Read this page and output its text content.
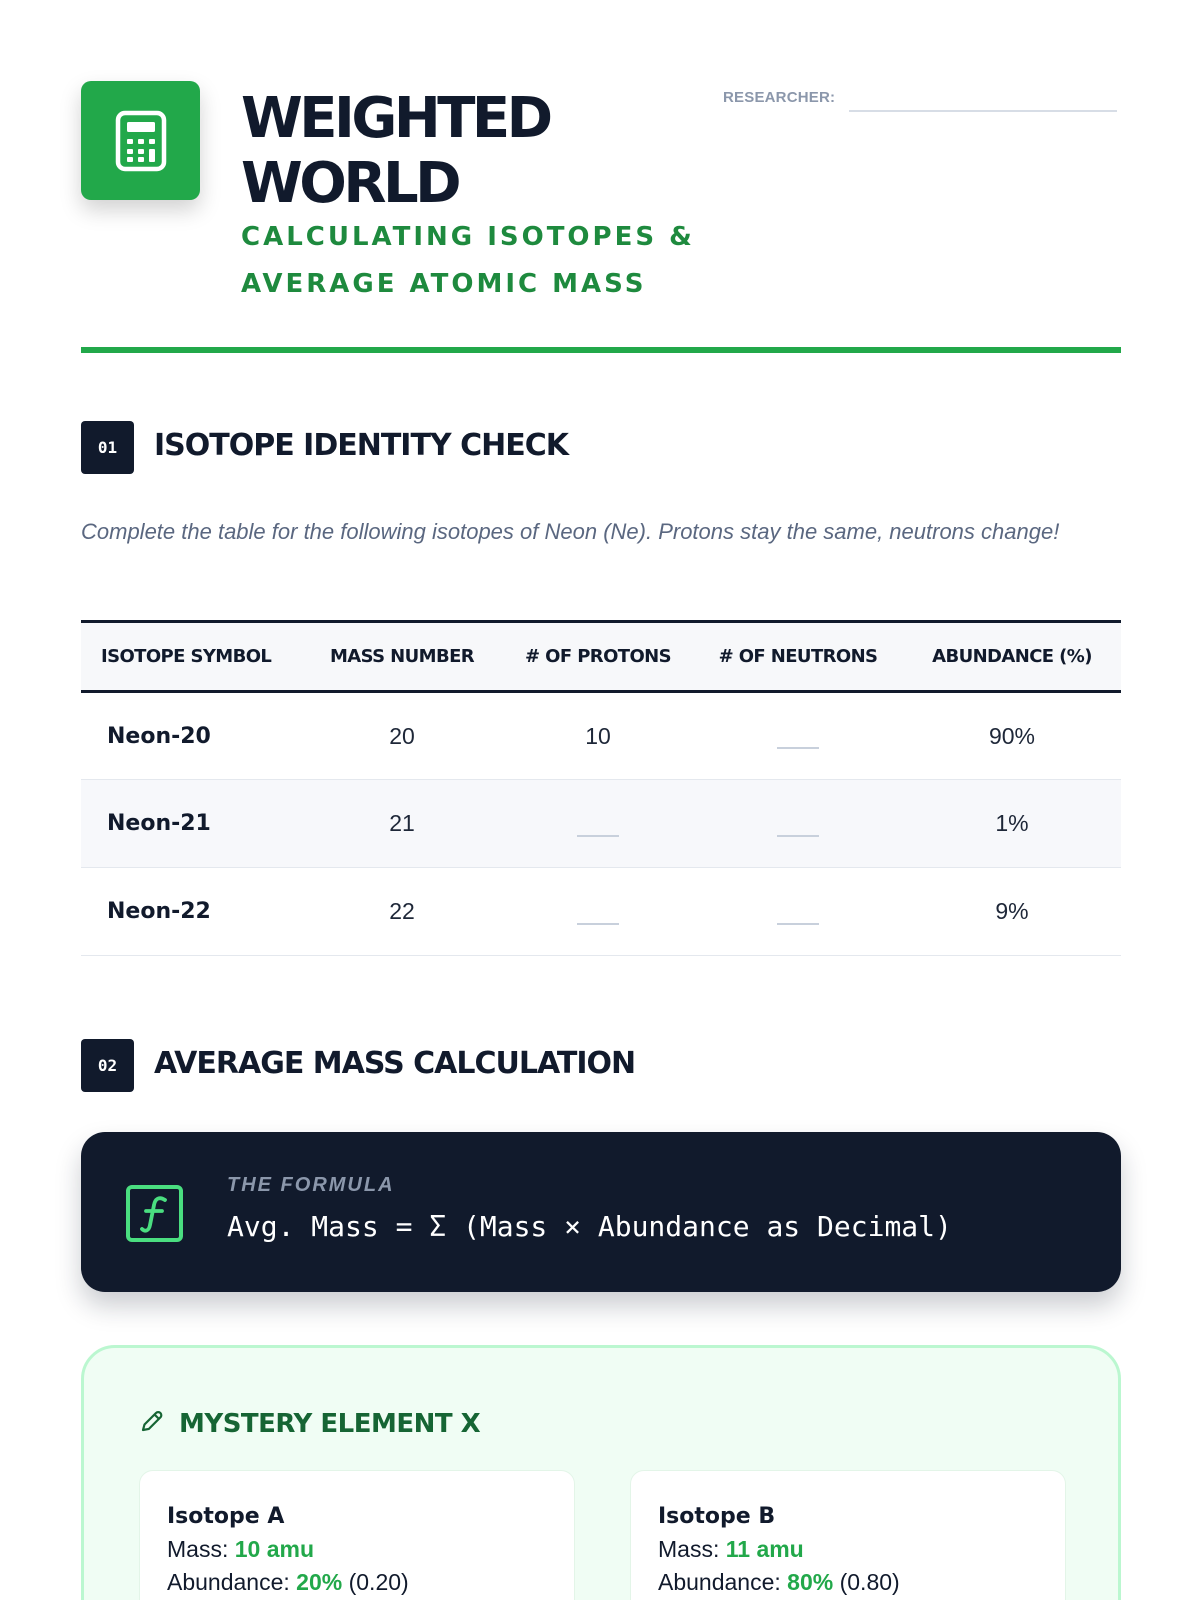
WEIGHTED
WORLD
CALCULATING ISOTOPES &
AVERAGE ATOMIC MASS
RESEARCHER:
01	ISOTOPE IDENTITY CHECK
Complete the table for the following isotopes of Neon (Ne). Protons stay the same, neutrons change!
ISOTOPE SYMBOL	MASS NUMBER	# OF PROTONS	# OF NEUTRONS	ABUNDANCE (%)
Neon-20	20	10		90%
Neon-21	21			1%
Neon-22	22			9%
02	AVERAGE MASS CALCULATION
THE FORMULA
Avg. Mass = Σ (Mass × Abundance as Decimal)
MYSTERY ELEMENT X
Isotope A
Mass: 10 amu
Abundance: 20% (0.20)
Isotope B
Mass: 11 amu
Abundance: 80% (0.80)
